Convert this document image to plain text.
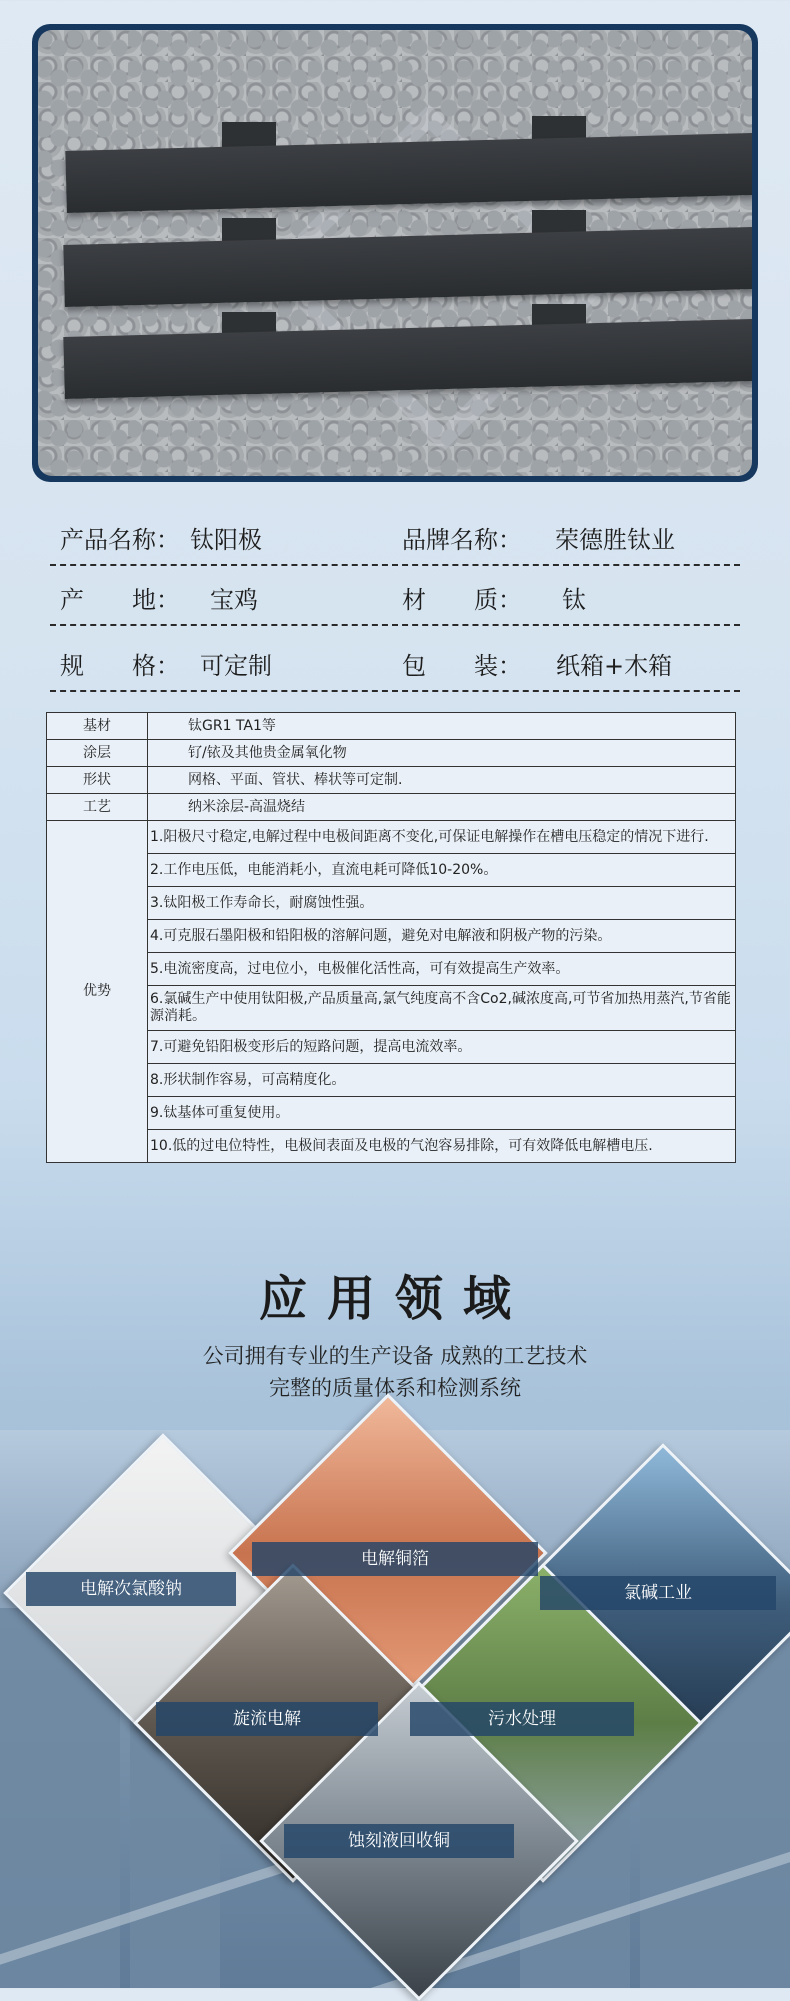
产品名称： 钛阳极	品牌名称： 荣德胜钛业
产　　地： 宝鸡	材　　质： 钛
规　　格： 可定制	包　　装： 纸箱+木箱
基材	钛GR1 TA1等
涂层	钌/铱及其他贵金属氧化物
形状	网格、平面、管状、棒状等可定制.
工艺	纳米涂层-高温烧结
优势	1.阳极尺寸稳定,电解过程中电极间距离不变化,可保证电解操作在槽电压稳定的情况下进行.
	2.工作电压低，电能消耗小，直流电耗可降低10-20%。
	3.钛阳极工作寿命长，耐腐蚀性强。
	4.可克服石墨阳极和铅阳极的溶解问题，避免对电解液和阴极产物的污染。
	5.电流密度高，过电位小，电极催化活性高，可有效提高生产效率。
	6.氯碱生产中使用钛阳极,产品质量高,氯气纯度高不含Co2,碱浓度高,可节省加热用蒸汽,节省能源消耗。
	7.可避免铅阳极变形后的短路问题，提高电流效率。
	8.形状制作容易，可高精度化。
	9.钛基体可重复使用。
	10.低的过电位特性，电极间表面及电极的气泡容易排除，可有效降低电解槽电压.
应用领域
公司拥有专业的生产设备 成熟的工艺技术
完整的质量体系和检测系统
电解次氯酸钠
电解铜箔
氯碱工业
旋流电解	污水处理
蚀刻液回收铜
